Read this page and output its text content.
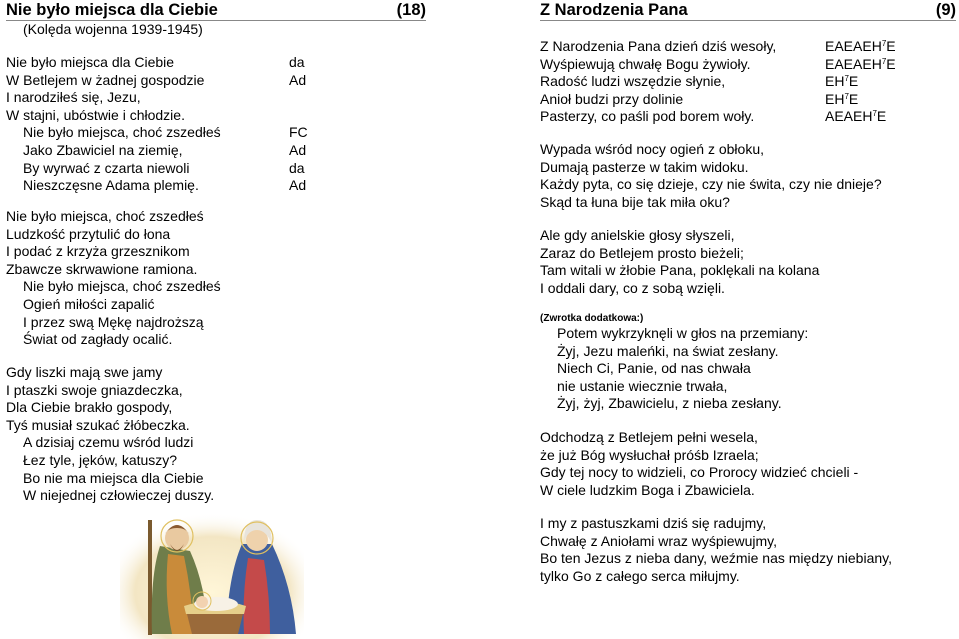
Nie było miejsca dla Ciebie	(18)
(Kolęda wojenna 1939-1945)
Nie było miejsca dla Ciebie	da
W Betlejem w żadnej gospodzie	Ad
I narodziłeś się, Jezu,
W stajni, ubóstwie i chłodzie.
Nie było miejsca, choć zszedłeś	FC
Jako Zbawiciel na ziemię,	Ad
By wyrwać z czarta niewoli	da
Nieszczęsne Adama plemię.	Ad
Nie było miejsca, choć zszedłeś
Ludzkość przytulić do łona
I podać z krzyża grzesznikom
Zbawcze skrwawione ramiona.
Nie było miejsca, choć zszedłeś
Ogień miłości zapalić
I przez swą Mękę najdroższą
Świat od zagłady ocalić.
Gdy liszki mają swe jamy
I ptaszki swoje gniazdeczka,
Dla Ciebie brakło gospody,
Tyś musiał szukać żłóbeczka.
A dzisiaj czemu wśród ludzi
Łez tyle, jęków, katuszy?
Bo nie ma miejsca dla Ciebie
W niejednej człowieczej duszy.
Z Narodzenia Pana	(9)
Z Narodzenia Pana dzień dziś wesoły,	EAEAEH$^7$E
Wyśpiewują chwałę Bogu żywioły.	EAEAEH$^7$E
Radość ludzi wszędzie słynie,	$EH^7E$
Anioł budzi przy dolinie	$EH^7E$
Pasterzy, co paśli pod borem woły.	AEAEH$^7$E
Wypada wśród nocy ogień z obłoku,
Dumają pasterze w takim widoku.
Każdy pyta, co się dzieje, czy nie świta, czy nie dnieje?
Skąd ta łuna bije tak miła oku?
Ale gdy anielskie głosy słyszeli,
Zaraz do Betlejem prosto bieżeli;
Tam witali w żłobie Pana, poklękali na kolana
I oddali dary, co z sobą wzięli.
(Zwrotka dodatkowa:)
Potem wykrzyknęli w głos na przemiany:
Żyj, Jezu maleńki, na świat zesłany.
Niech Ci, Panie, od nas chwała
nie ustanie wiecznie trwała,
Żyj, żyj, Zbawicielu, z nieba zesłany.
Odchodzą z Betlejem pełni wesela,
że już Bóg wysłuchał próśb Izraela;
Gdy tej nocy to widzieli, co Prorocy widzieć chcieli -
W ciele ludzkim Boga i Zbawiciela.
I my z pastuszkami dziś się radujmy,
Chwałę z Aniołami wraz wyśpiewujmy,
Bo ten Jezus z nieba dany, weźmie nas między niebiany,
tylko Go z całego serca miłujmy.
